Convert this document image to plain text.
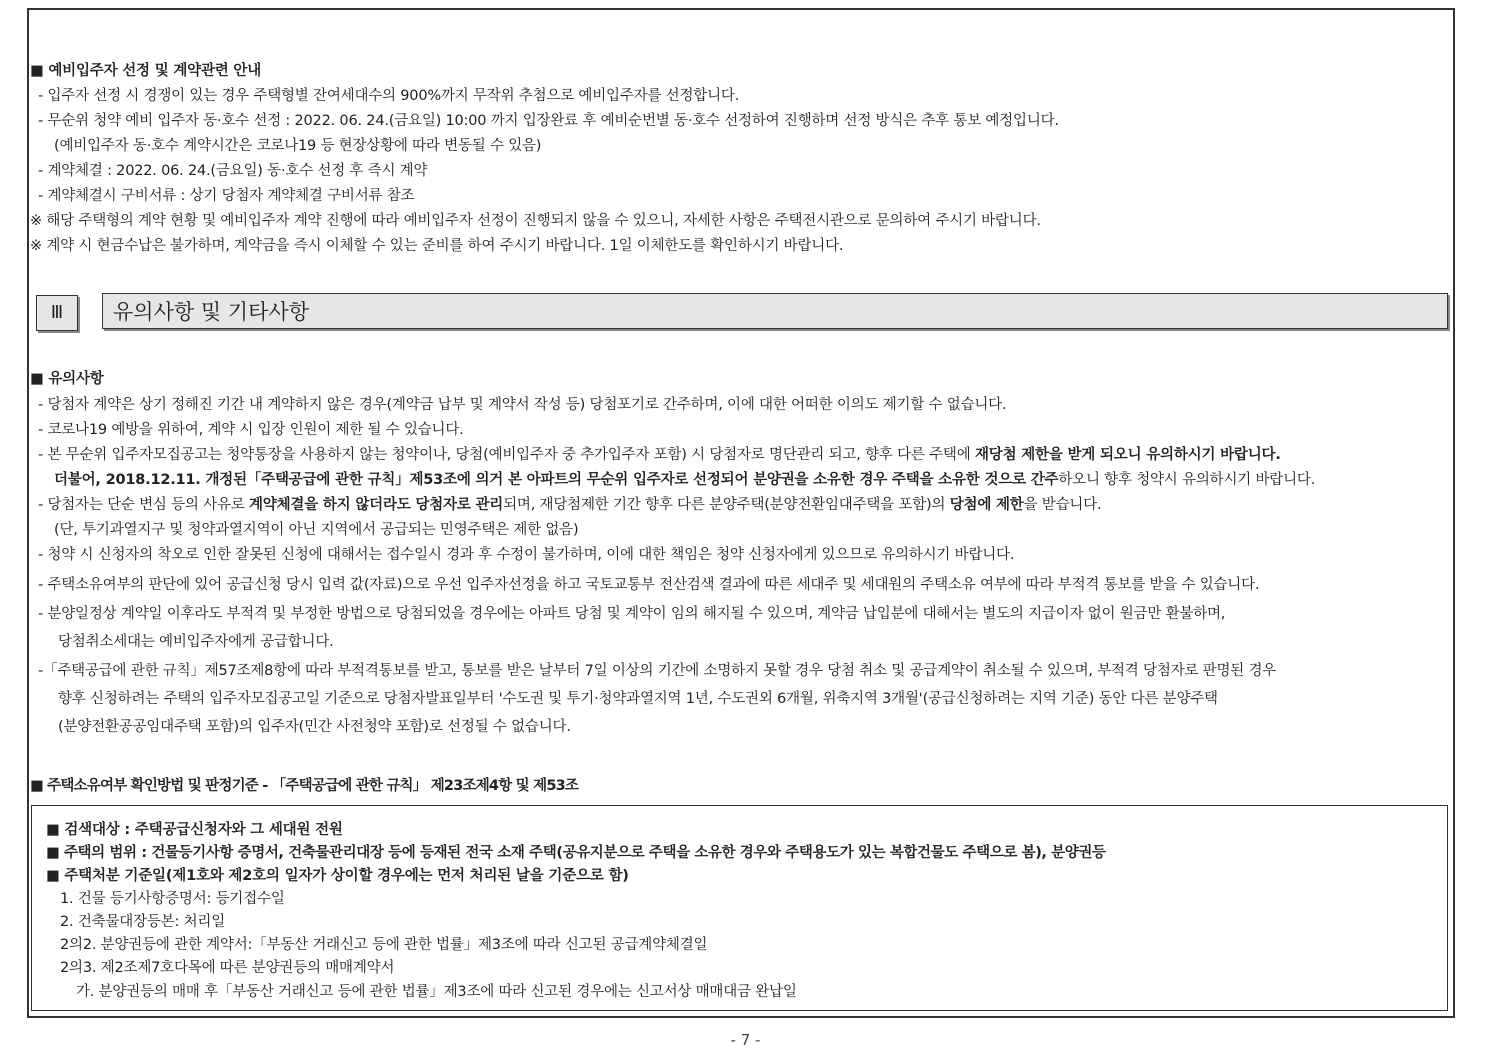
■ 예비입주자 선정 및 계약관련 안내
- 입주자 선정 시 경쟁이 있는 경우 주택형별 잔여세대수의 900%까지 무작위 추첨으로 예비입주자를 선정합니다.
- 무순위 청약 예비 입주자 동·호수 선정 : 2022. 06. 24.(금요일) 10:00 까지 입장완료 후 예비순번별 동·호수 선정하여 진행하며 선정 방식은 추후 통보 예정입니다.
(예비입주자 동·호수 계약시간은 코로나19 등 현장상황에 따라 변동될 수 있음)
- 계약체결 : 2022. 06. 24.(금요일) 동·호수 선정 후 즉시 계약
- 계약체결시 구비서류 : 상기 당첨자 계약체결 구비서류 참조
※ 해당 주택형의 계약 현황 및 예비입주자 계약 진행에 따라 예비입주자 선정이 진행되지 않을 수 있으니, 자세한 사항은 주택전시관으로 문의하여 주시기 바랍니다.
※ 계약 시 현금수납은 불가하며, 계약금을 즉시 이체할 수 있는 준비를 하여 주시기 바랍니다. 1일 이체한도를 확인하시기 바랍니다.
Ⅲ	유의사항 및 기타사항
■ 유의사항
- 당첨자 계약은 상기 정해진 기간 내 계약하지 않은 경우(계약금 납부 및 계약서 작성 등) 당첨포기로 간주하며, 이에 대한 어떠한 이의도 제기할 수 없습니다.
- 코로나19 예방을 위하여, 계약 시 입장 인원이 제한 될 수 있습니다.
- 본 무순위 입주자모집공고는 청약통장을 사용하지 않는 청약이나, 당첨(예비입주자 중 추가입주자 포함) 시 당첨자로 명단관리 되고, 향후 다른 주택에 재당첨 제한을 받게 되오니 유의하시기 바랍니다.
더불어, 2018.12.11. 개정된「주택공급에 관한 규칙」제53조에 의거 본 아파트의 무순위 입주자로 선정되어 분양권을 소유한 경우 주택을 소유한 것으로 간주하오니 향후 청약시 유의하시기 바랍니다.
- 당첨자는 단순 변심 등의 사유로 계약체결을 하지 않더라도 당첨자로 관리되며, 재당첨제한 기간 향후 다른 분양주택(분양전환임대주택을 포함)의 당첨에 제한을 받습니다.
(단, 투기과열지구 및 청약과열지역이 아닌 지역에서 공급되는 민영주택은 제한 없음)
- 청약 시 신청자의 착오로 인한 잘못된 신청에 대해서는 접수일시 경과 후 수정이 불가하며, 이에 대한 책임은 청약 신청자에게 있으므로 유의하시기 바랍니다.
- 주택소유여부의 판단에 있어 공급신청 당시 입력 값(자료)으로 우선 입주자선정을 하고 국토교통부 전산검색 결과에 따른 세대주 및 세대원의 주택소유 여부에 따라 부적격 통보를 받을 수 있습니다.
- 분양일정상 계약일 이후라도 부적격 및 부정한 방법으로 당첨되었을 경우에는 아파트 당첨 및 계약이 임의 해지될 수 있으며, 계약금 납입분에 대해서는 별도의 지급이자 없이 원금만 환불하며,
당첨취소세대는 예비입주자에게 공급합니다.
-「주택공급에 관한 규칙」제57조제8항에 따라 부적격통보를 받고, 통보를 받은 날부터 7일 이상의 기간에 소명하지 못할 경우 당첨 취소 및 공급계약이 취소될 수 있으며, 부적격 당첨자로 판명된 경우
향후 신청하려는 주택의 입주자모집공고일 기준으로 당첨자발표일부터 '수도권 및 투기·청약과열지역 1년, 수도권외 6개월, 위축지역 3개월'(공급신청하려는 지역 기준) 동안 다른 분양주택
(분양전환공공임대주택 포함)의 입주자(민간 사전청약 포함)로 선정될 수 없습니다.
■ 주택소유여부 확인방법 및 판정기준 - 「주택공급에 관한 규칙」 제23조제4항 및 제53조
■ 검색대상 : 주택공급신청자와 그 세대원 전원
■ 주택의 범위 : 건물등기사항 증명서, 건축물관리대장 등에 등재된 전국 소재 주택(공유지분으로 주택을 소유한 경우와 주택용도가 있는 복합건물도 주택으로 봄), 분양권등
■ 주택처분 기준일(제1호와 제2호의 일자가 상이할 경우에는 먼저 처리된 날을 기준으로 함)
1. 건물 등기사항증명서: 등기접수일
2. 건축물대장등본: 처리일
2의2. 분양권등에 관한 계약서:「부동산 거래신고 등에 관한 법률」제3조에 따라 신고된 공급계약체결일
2의3. 제2조제7호다목에 따른 분양권등의 매매계약서
가. 분양권등의 매매 후「부동산 거래신고 등에 관한 법률」제3조에 따라 신고된 경우에는 신고서상 매매대금 완납일
- 7 -
